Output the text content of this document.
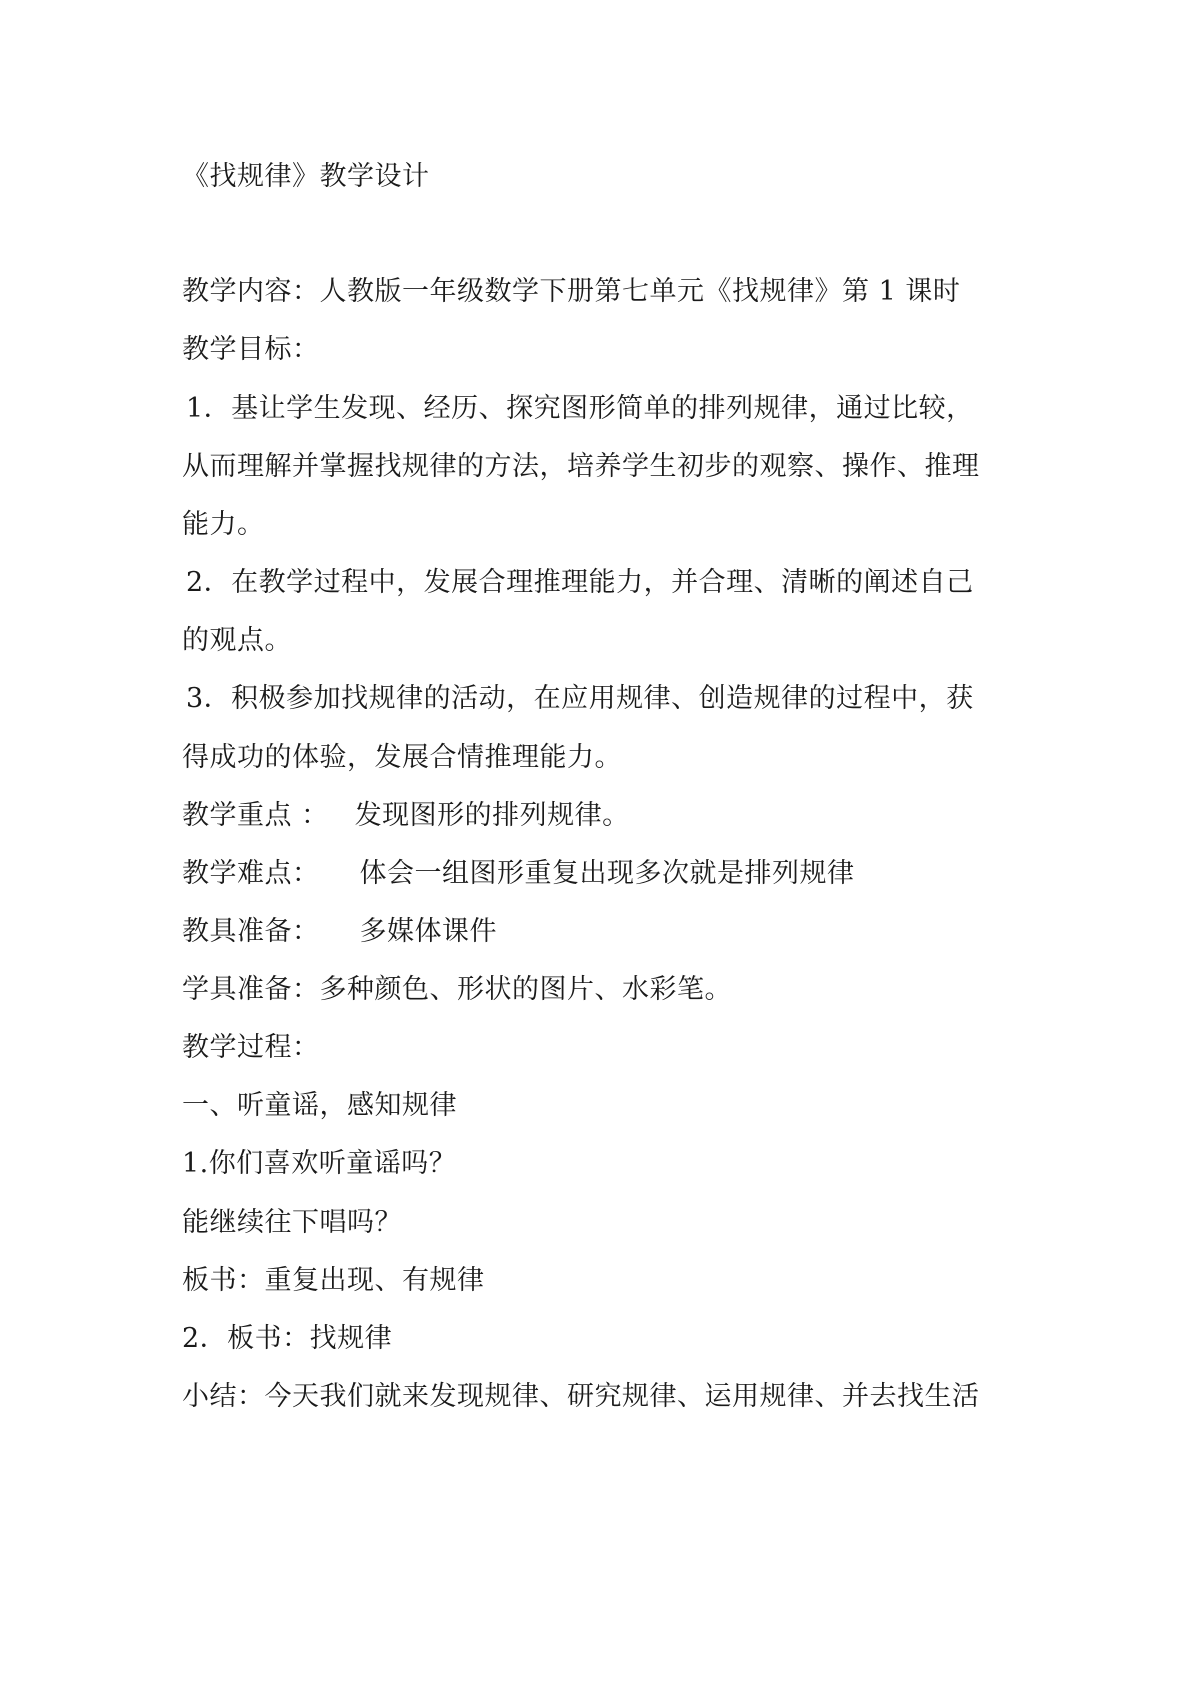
《找规律》教学设计
教学内容：人教版一年级数学下册第七单元《找规律》第 1 课时
教学目标：
1．基让学生发现、经历、探究图形简单的排列规律，通过比较，
从而理解并掌握找规律的方法，培养学生初步的观察、操作、推理
能力。
2．在教学过程中，发展合理推理能力，并合理、清晰的阐述自己
的观点。
3．积极参加找规律的活动，在应用规律、创造规律的过程中，获
得成功的体验，发展合情推理能力。
教学重点 ： 发现图形的排列规律。
教学难点： 体会一组图形重复出现多次就是排列规律
教具准备： 多媒体课件
学具准备：多种颜色、形状的图片、水彩笔。
教学过程：
一、听童谣，感知规律
1.你们喜欢听童谣吗？
能继续往下唱吗？
板书：重复出现、有规律
2．板书：找规律
小结：今天我们就来发现规律、研究规律、运用规律、并去找生活
